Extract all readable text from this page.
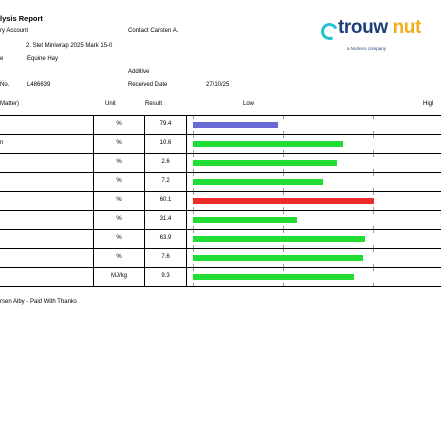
lysis Report
ry Account	Contact Carsten A.
2. Slet Miniwrap 2025 Mark 15-0
e	Equine Hay
Additive
No.	L486639	Received Date	27/10/25
trouw nut
a Nutreco company
Matter)	Unit	Result	Low	Higl
%	79.4
n	%	10.6
%	2.6
%	7.2
%	60.1
%	31.4
%	63.9
%	7.6
MJ/kg	9.3
rsen Alby - Paid With Thanks
